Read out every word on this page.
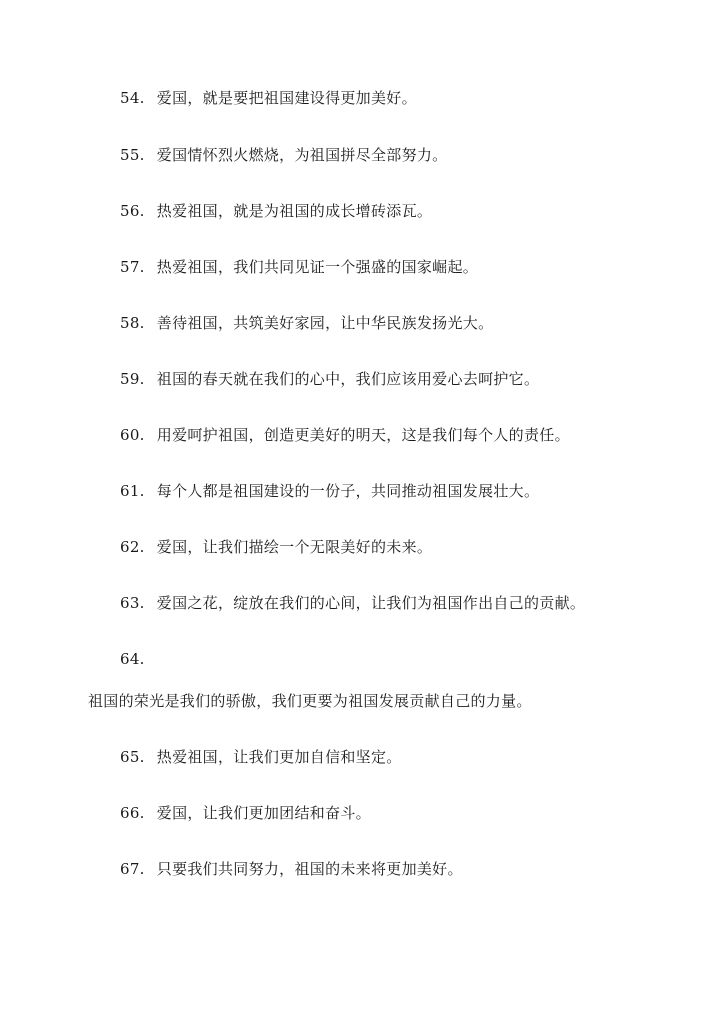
54. 爱国，就是要把祖国建设得更加美好。
55. 爱国情怀烈火燃烧，为祖国拼尽全部努力。
56. 热爱祖国，就是为祖国的成长增砖添瓦。
57. 热爱祖国，我们共同见证一个强盛的国家崛起。
58. 善待祖国，共筑美好家园，让中华民族发扬光大。
59. 祖国的春天就在我们的心中，我们应该用爱心去呵护它。
60. 用爱呵护祖国，创造更美好的明天，这是我们每个人的责任。
61. 每个人都是祖国建设的一份子，共同推动祖国发展壮大。
62. 爱国，让我们描绘一个无限美好的未来。
63. 爱国之花，绽放在我们的心间，让我们为祖国作出自己的贡献。
64.
祖国的荣光是我们的骄傲，我们更要为祖国发展贡献自己的力量。
65. 热爱祖国，让我们更加自信和坚定。
66. 爱国，让我们更加团结和奋斗。
67. 只要我们共同努力，祖国的未来将更加美好。
